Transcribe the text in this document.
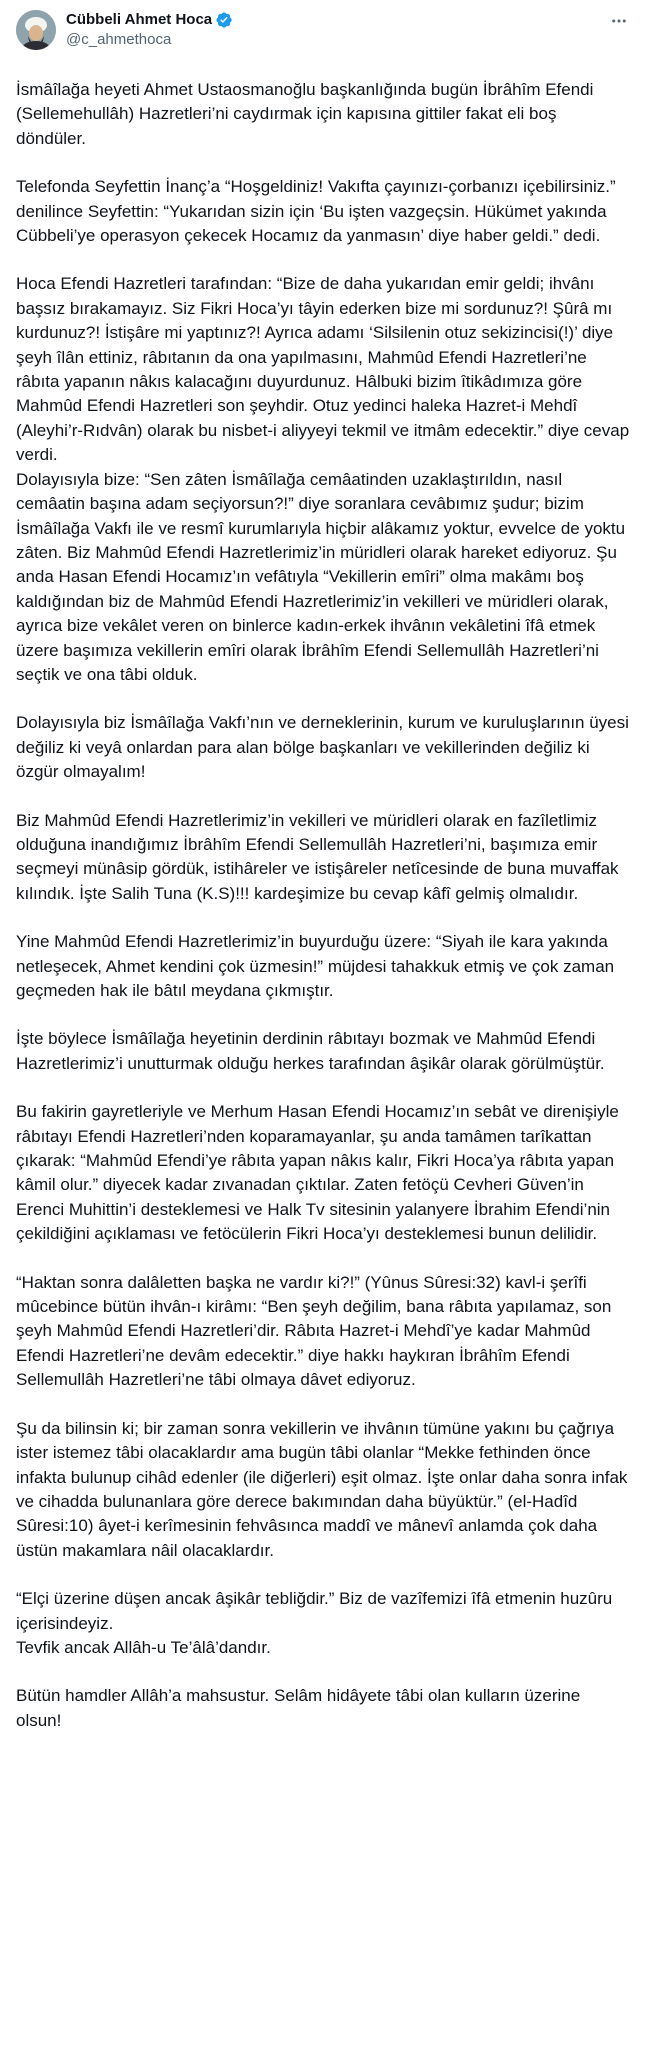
Cübbeli Ahmet Hoca
@c_ahmethoca

İsmâîlağa heyeti Ahmet Ustaosmanoğlu başkanlığında bugün İbrâhîm Efendi (Sellemehullâh) Hazretleri’ni caydırmak için kapısına gittiler fakat eli boş döndüler.

Telefonda Seyfettin İnanç’a “Hoşgeldiniz! Vakıfta çayınızı-çorbanızı içebilirsiniz.” denilince Seyfettin: “Yukarıdan sizin için ‘Bu işten vazgeçsin. Hükümet yakında Cübbeli’ye operasyon çekecek Hocamız da yanmasın’ diye haber geldi.” dedi.

Hoca Efendi Hazretleri tarafından: “Bize de daha yukarıdan emir geldi; ihvânı başsız bırakamayız. Siz Fikri Hoca’yı tâyin ederken bize mi sordunuz?! Şûrâ mı kurdunuz?! İstişâre mi yaptınız?! Ayrıca adamı ‘Silsilenin otuz sekizincisi(!)’ diye şeyh îlân ettiniz, râbıtanın da ona yapılmasını, Mahmûd Efendi Hazretleri’ne râbıta yapanın nâkıs kalacağını duyurdunuz. Hâlbuki bizim îtikâdımıza göre Mahmûd Efendi Hazretleri son şeyhdir. Otuz yedinci haleka Hazret-i Mehdî (Aleyhi’r-Rıdvân) olarak bu nisbet-i aliyyeyi tekmil ve itmâm edecektir.” diye cevap verdi.
Dolayısıyla bize: “Sen zâten İsmâîlağa cemâatinden uzaklaştırıldın, nasıl cemâatin başına adam seçiyorsun?!” diye soranlara cevâbımız şudur; bizim İsmâîlağa Vakfı ile ve resmî kurumlarıyla hiçbir alâkamız yoktur, evvelce de yoktu zâten. Biz Mahmûd Efendi Hazretlerimiz’in müridleri olarak hareket ediyoruz. Şu anda Hasan Efendi Hocamız’ın vefâtıyla “Vekillerin emîri” olma makâmı boş kaldığından biz de Mahmûd Efendi Hazretlerimiz’in vekilleri ve müridleri olarak, ayrıca bize vekâlet veren on binlerce kadın-erkek ihvânın vekâletini îfâ etmek üzere başımıza vekillerin emîri olarak İbrâhîm Efendi Sellemullâh Hazretleri’ni seçtik ve ona tâbi olduk.

Dolayısıyla biz İsmâîlağa Vakfı’nın ve derneklerinin, kurum ve kuruluşlarının üyesi değiliz ki veyâ onlardan para alan bölge başkanları ve vekillerinden değiliz ki özgür olmayalım!

Biz Mahmûd Efendi Hazretlerimiz’in vekilleri ve müridleri olarak en fazîletlimiz olduğuna inandığımız İbrâhîm Efendi Sellemullâh Hazretleri’ni, başımıza emir seçmeyi münâsip gördük, istihâreler ve istişâreler netîcesinde de buna muvaffak kılındık. İşte Salih Tuna (K.S)!!! kardeşimize bu cevap kâfî gelmiş olmalıdır.

Yine Mahmûd Efendi Hazretlerimiz’in buyurduğu üzere: “Siyah ile kara yakında netleşecek, Ahmet kendini çok üzmesin!” müjdesi tahakkuk etmiş ve çok zaman geçmeden hak ile bâtıl meydana çıkmıştır.

İşte böylece İsmâîlağa heyetinin derdinin râbıtayı bozmak ve Mahmûd Efendi Hazretlerimiz’i unutturmak olduğu herkes tarafından âşikâr olarak görülmüştür.

Bu fakirin gayretleriyle ve Merhum Hasan Efendi Hocamız’ın sebât ve direnişiyle râbıtayı Efendi Hazretleri’nden koparamayanlar, şu anda tamâmen tarîkattan çıkarak: “Mahmûd Efendi’ye râbıta yapan nâkıs kalır, Fikri Hoca’ya râbıta yapan kâmil olur.” diyecek kadar zıvanadan çıktılar. Zaten fetöçü Cevheri Güven’in Erenci Muhittin’i desteklemesi ve Halk Tv sitesinin yalanyere İbrahim Efendi’nin çekildiğini açıklaması ve fetöcülerin Fikri Hoca’yı desteklemesi bunun delilidir.

“Haktan sonra dalâletten başka ne vardır ki?!” (Yûnus Sûresi:32) kavl-i şerîfi mûcebince bütün ihvân-ı kirâmı: “Ben şeyh değilim, bana râbıta yapılamaz, son şeyh Mahmûd Efendi Hazretleri’dir. Râbıta Hazret-i Mehdî’ye kadar Mahmûd Efendi Hazretleri’ne devâm edecektir.” diye hakkı haykıran İbrâhîm Efendi Sellemullâh Hazretleri’ne tâbi olmaya dâvet ediyoruz.

Şu da bilinsin ki; bir zaman sonra vekillerin ve ihvânın tümüne yakını bu çağrıya ister istemez tâbi olacaklardır ama bugün tâbi olanlar “Mekke fethinden önce infakta bulunup cihâd edenler (ile diğerleri) eşit olmaz. İşte onlar daha sonra infak ve cihadda bulunanlara göre derece bakımından daha büyüktür.” (el-Hadîd Sûresi:10) âyet-i kerîmesinin fehvâsınca maddî ve mânevî anlamda çok daha üstün makamlara nâil olacaklardır.

“Elçi üzerine düşen ancak âşikâr tebliğdir.” Biz de vazîfemizi îfâ etmenin huzûru içerisindeyiz.
Tevfik ancak Allâh-u Te’âlâ’dandır.

Bütün hamdler Allâh’a mahsustur. Selâm hidâyete tâbi olan kulların üzerine olsun!
